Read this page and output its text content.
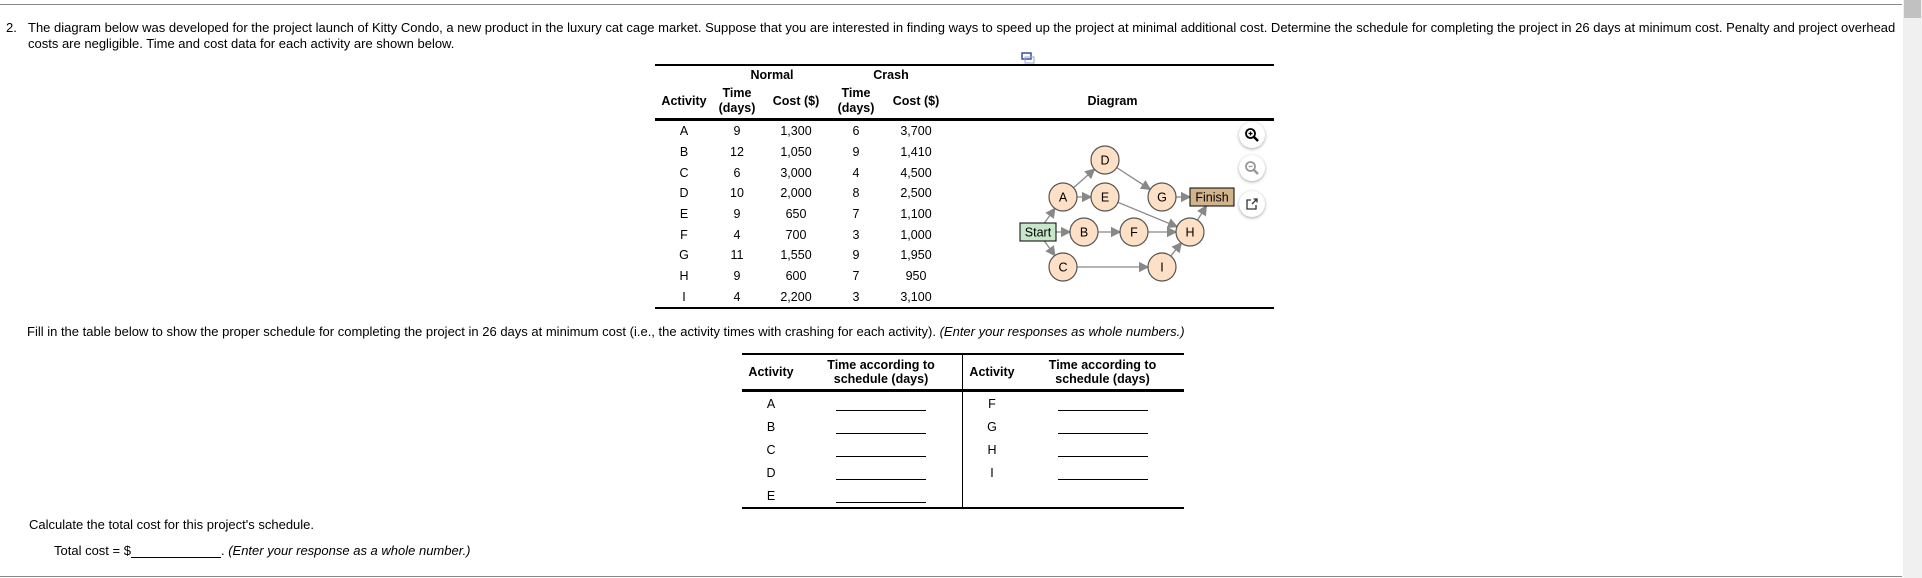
2. The diagram below was developed for the project launch of Kitty Condo, a new product in the luxury cat cage market. Suppose that you are interested in finding ways to speed up the project at minimal additional cost. Determine the schedule for completing the project in 26 days at minimum cost. Penalty and project overhead costs are negligible. Time and cost data for each activity are shown below.
	Normal		Crash		
Activity	Time (days)	Cost ($)	Time (days)	Cost ($)	Diagram
A	9	1,300	6	3,700	
B	12	1,050	9	1,410	
C	6	3,000	4	4,500	
D	10	2,000	8	2,500	
E	9	650	7	1,100	
F	4	700	3	1,000	
G	11	1,550	9	1,950	
H	9	600	7	950	
I	4	2,200	3	3,100	
Start
A
D
E	G Finish
B	F	H
C	I
Fill in the table below to show the proper schedule for completing the project in 26 days at minimum cost (i.e., the activity times with crashing for each activity). (Enter your responses as whole numbers.)
Activity	Time according to schedule (days)	Activity	Time according to schedule (days)
A		F	
B		G	
C		H	
D		I	
E			
Calculate the total cost for this project's schedule.
Total cost = $	. (Enter your response as a whole number.)
